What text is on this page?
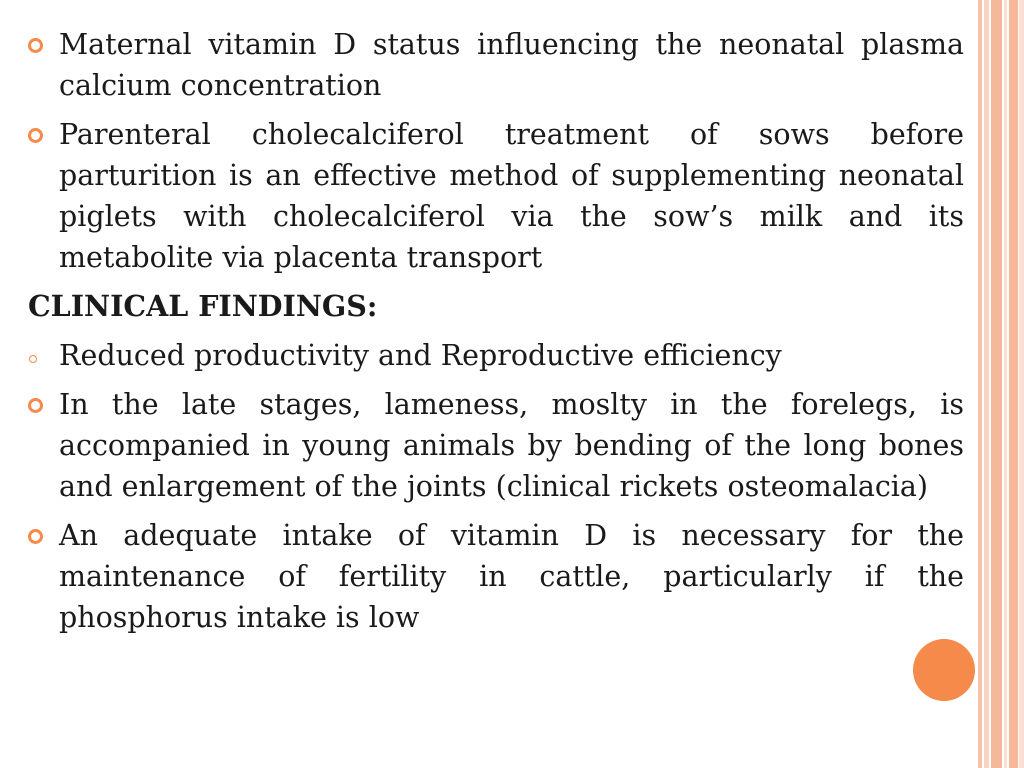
Maternal vitamin D status influencing the neonatal plasma calcium concentration
Parenteral cholecalciferol treatment of sows before parturition is an effective method of supplementing neonatal piglets with cholecalciferol via the sow’s milk and its metabolite via placenta transport
CLINICAL FINDINGS:
Reduced productivity and Reproductive efficiency
In the late stages, lameness, moslty in the forelegs, is accompanied in young animals by bending of the long bones and enlargement of the joints (clinical rickets osteomalacia)
An adequate intake of vitamin D is necessary for the maintenance of fertility in cattle, particularly if the phosphorus intake is low
